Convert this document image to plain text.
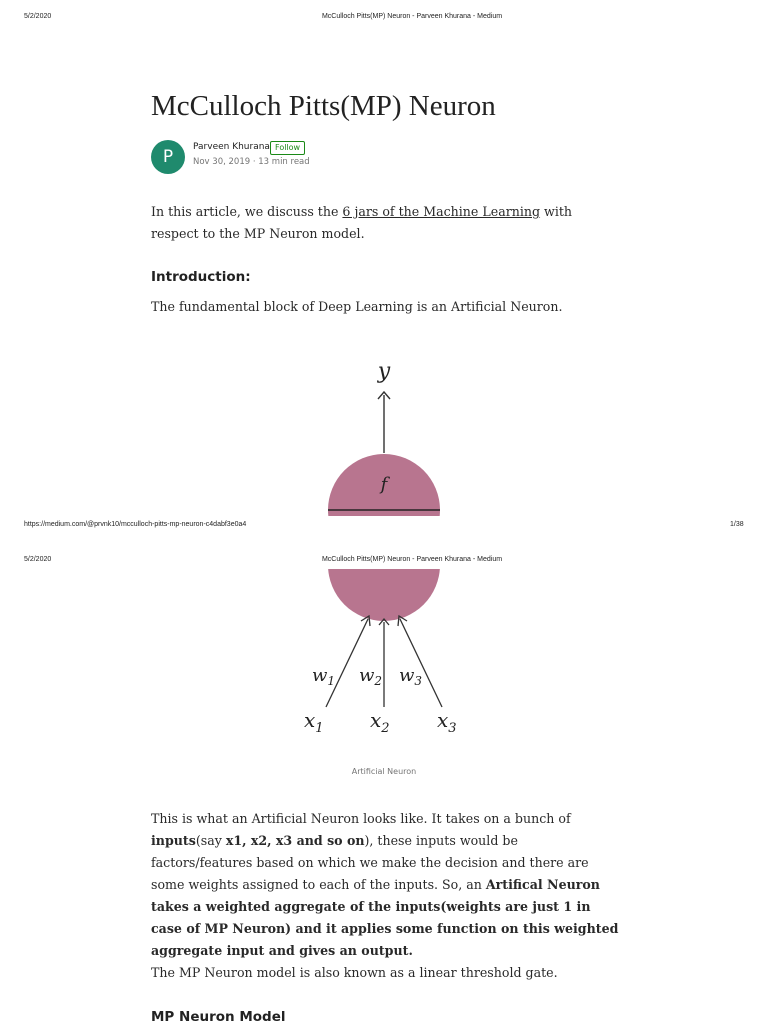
5/2/2020	McCulloch Pitts(MP) Neuron - Parveen Khurana - Medium
McCulloch Pitts(MP) Neuron
P Parveen Khurana Follow
Nov 30, 2019 · 13 min read

In this article, we discuss the 6 jars of the Machine Learning with respect to the MP Neuron model.

Introduction:

The fundamental block of Deep Learning is an Artificial Neuron.

y
f
https://medium.com/@prvnk10/mcculloch-pitts-mp-neuron-c4dabf3e0a4	1/38
5/2/2020	McCulloch Pitts(MP) Neuron - Parveen Khurana - Medium
$w_1$ $w_2$ $w_3$
$x_1$ $x_2$ $x_3$
Artificial Neuron

This is what an Artificial Neuron looks like. It takes on a bunch of inputs(say x1, x2, x3 and so on), these inputs would be factors/features based on which we make the decision and there are some weights assigned to each of the inputs. So, an Artifical Neuron takes a weighted aggregate of the inputs(weights are just 1 in case of MP Neuron) and it applies some function on this weighted aggregate input and gives an output.

The MP Neuron model is also known as a linear threshold gate.

MP Neuron Model
